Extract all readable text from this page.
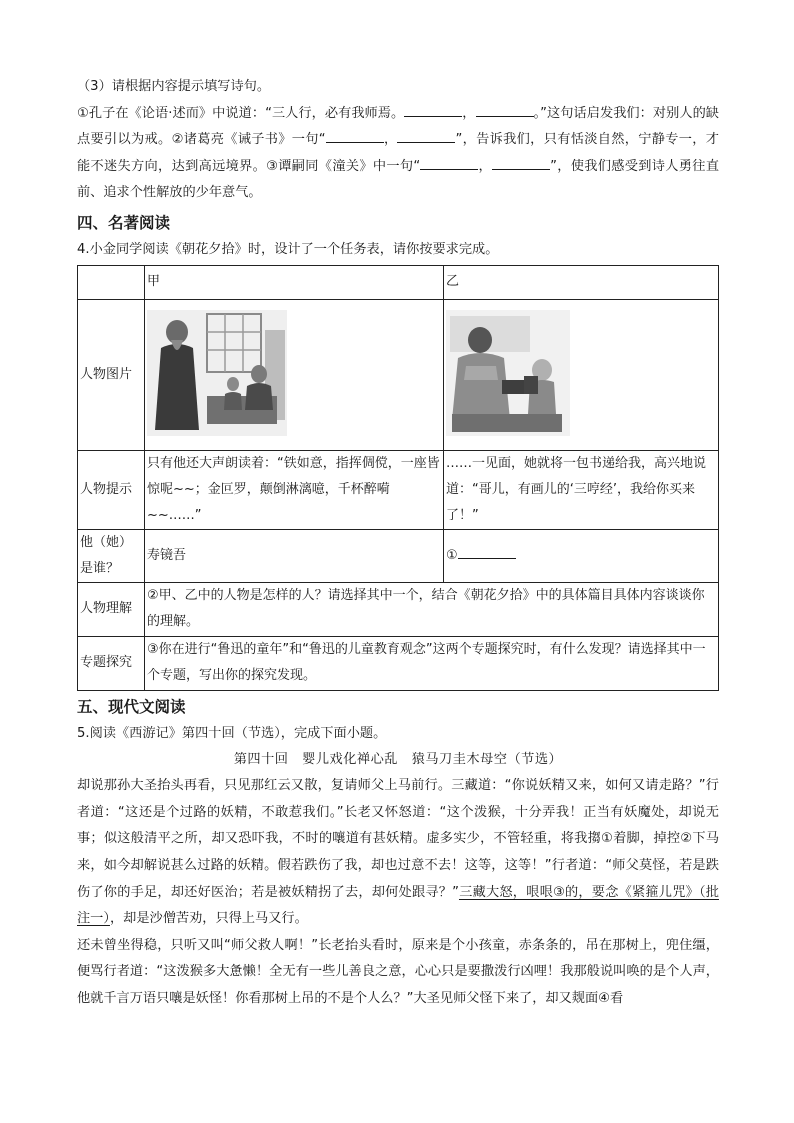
（3）请根据内容提示填写诗句。

①孔子在《论语·述而》中说道：“三人行，必有我师焉。	，	。”这句话启发我们：对别人的缺点要引以为戒。②诸葛亮《诫子书》一句“	，	”，告诉我们，只有恬淡自然，宁静专一，才能不迷失方向，达到高远境界。③谭嗣同《潼关》中一句“	，	”，使我们感受到诗人勇往直前、追求个性解放的少年意气。

四、名著阅读

4.小金同学阅读《朝花夕拾》时，设计了一个任务表，请你按要求完成。

	甲	乙
人物图片	

人物提示	只有他还大声朗读着：“铁如意，指挥倜傥，一座皆惊呢~~；金叵罗，颠倒淋漓噫，千杯醉嗬~~……”	……一见面，她就将一包书递给我，高兴地说道：“哥儿，有画儿的‘三哼经’，我给你买来了！”
他（她）是谁？	寿镜吾	①
人物理解	②甲、乙中的人物是怎样的人？请选择其中一个，结合《朝花夕拾》中的具体篇目具体内容谈谈你的理解。	
专题探究	③你在进行“鲁迅的童年”和“鲁迅的儿童教育观念”这两个专题探究时，有什么发现？请选择其中一个专题，写出你的探究发现。	
五、现代文阅读

5.阅读《西游记》第四十回（节选），完成下面小题。

第四十回　婴儿戏化禅心乱　猿马刀圭木母空（节选）

却说那孙大圣抬头再看，只见那红云又散，复请师父上马前行。三藏道：“你说妖精又来，如何又请走路？”行者道：“这还是个过路的妖精，不敢惹我们。”长老又怀怒道：“这个泼猴，十分弄我！正当有妖魔处，却说无事；似这般清平之所，却又恐吓我，不时的嚷道有甚妖精。虚多实少，不管轻重，将我搊①着脚，掉控②下马来，如今却解说甚么过路的妖精。假若跌伤了我，却也过意不去！这等，这等！”行者道：“师父莫怪，若是跌伤了你的手足，却还好医治；若是被妖精拐了去，却何处跟寻？”三藏大怒，哏哏③的，要念《紧箍儿咒》（批注一），却是沙僧苦劝，只得上马又行。

还未曾坐得稳，只听又叫“师父救人啊！”长老抬头看时，原来是个小孩童，赤条条的，吊在那树上，兜住缰，便骂行者道：“这泼猴多大惫懒！全无有一些儿善良之意，心心只是要撒泼行凶哩！我那般说叫唤的是个人声，他就千言万语只嚷是妖怪！你看那树上吊的不是个人么？”大圣见师父怪下来了，却又觌面④看
